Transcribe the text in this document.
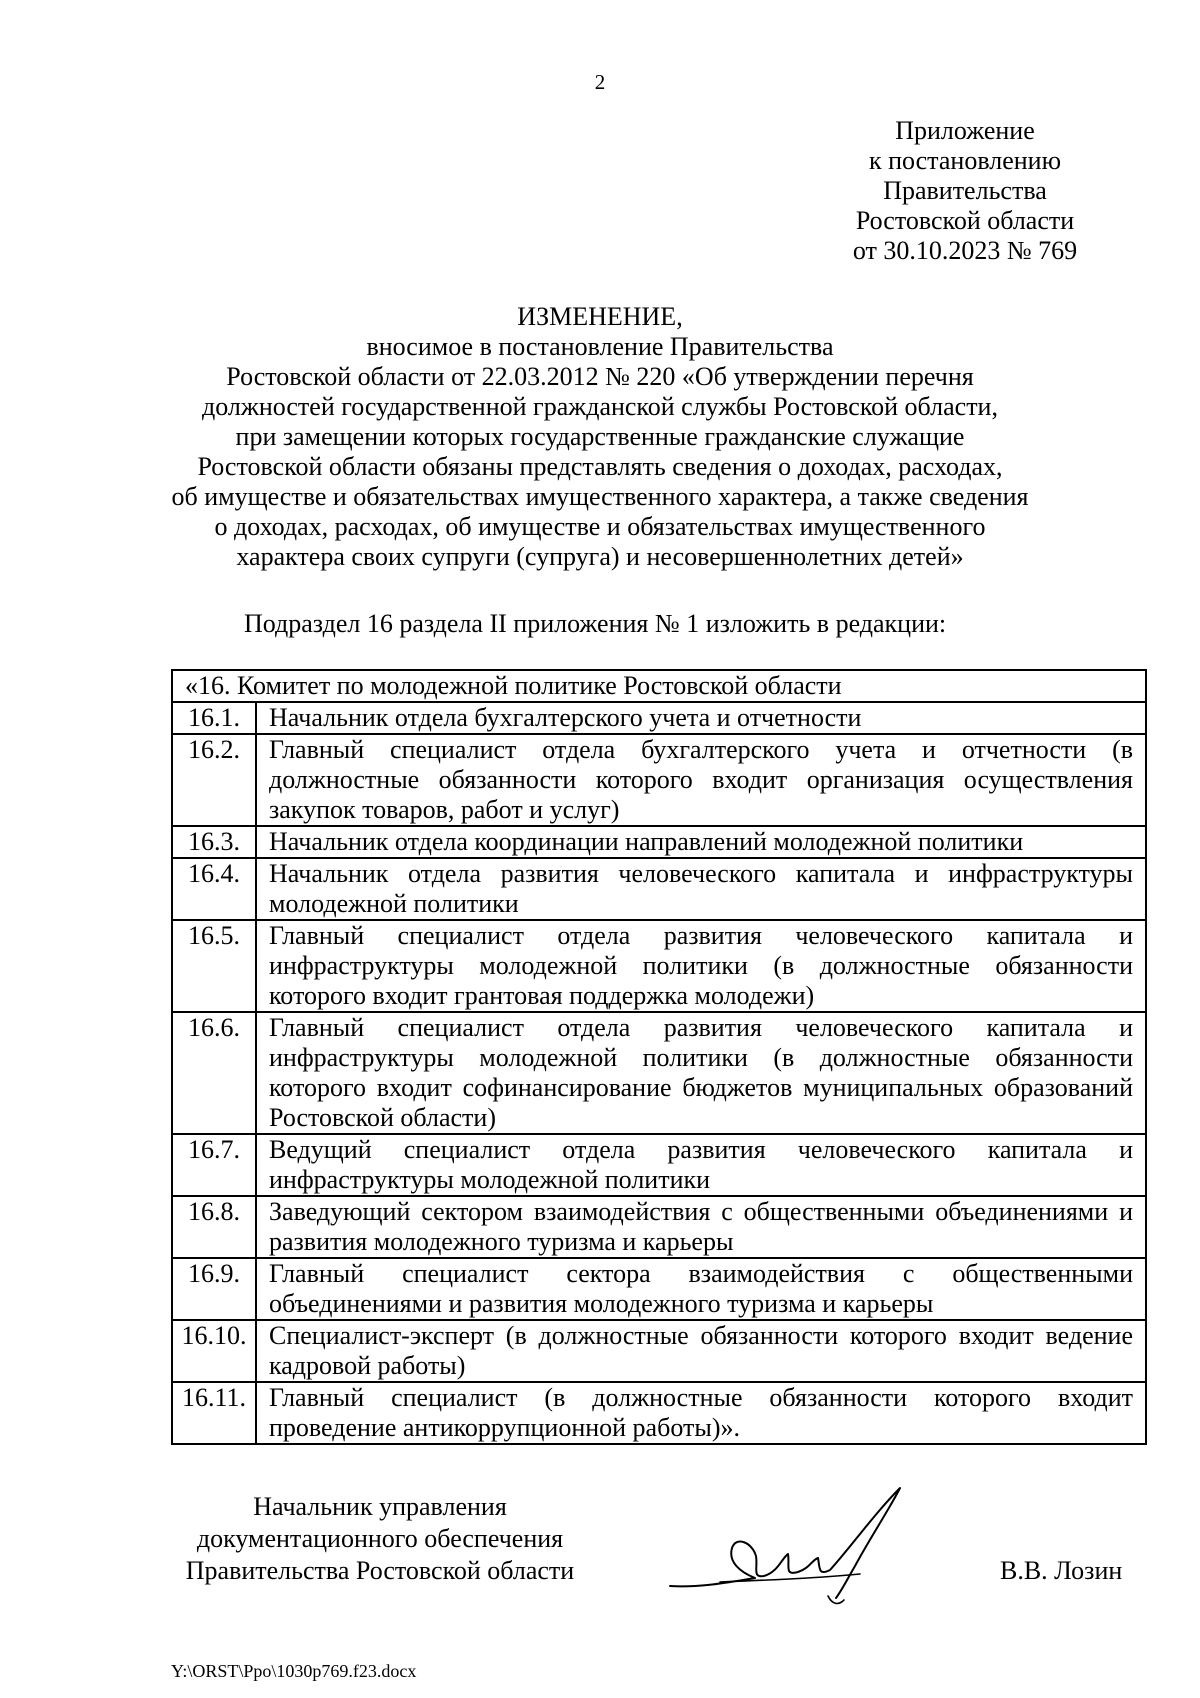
2
Приложение
к постановлению
Правительства
Ростовской области
от 30.10.2023 № 769
ИЗМЕНЕНИЕ,
вносимое в постановление Правительства
Ростовской области от 22.03.2012 № 220 «Об утверждении перечня
должностей государственной гражданской службы Ростовской области,
при замещении которых государственные гражданские служащие
Ростовской области обязаны представлять сведения о доходах, расходах,
об имуществе и обязательствах имущественного характера, а также сведения
о доходах, расходах, об имуществе и обязательствах имущественного
характера своих супруги (супруга) и несовершеннолетних детей»
Подраздел 16 раздела II приложения № 1 изложить в редакции:
«16. Комитет по молодежной политике Ростовской области	
16.1.	Начальник отдела бухгалтерского учета и отчетности
16.2.	Главный специалист отдела бухгалтерского учета и отчетности (в должностные обязанности которого входит организация осуществления закупок товаров, работ и услуг)
16.3.	Начальник отдела координации направлений молодежной политики
16.4.	Начальник отдела развития человеческого капитала и инфраструктуры молодежной политики
16.5.	Главный специалист отдела развития человеческого капитала и инфраструктуры молодежной политики (в должностные обязанности которого входит грантовая поддержка молодежи)
16.6.	Главный специалист отдела развития человеческого капитала и инфраструктуры молодежной политики (в должностные обязанности которого входит софинансирование бюджетов муниципальных образований Ростовской области)
16.7.	Ведущий специалист отдела развития человеческого капитала и инфраструктуры молодежной политики
16.8.	Заведующий сектором взаимодействия с общественными объединениями и развития молодежного туризма и карьеры
16.9.	Главный специалист сектора взаимодействия с общественными объединениями и развития молодежного туризма и карьеры
16.10.	Специалист-эксперт (в должностные обязанности которого входит ведение кадровой работы)
16.11.	Главный специалист (в должностные обязанности которого входит проведение антикоррупционной работы)».
Начальник управления
документационного обеспечения
Правительства Ростовской области	В.В. Лозин
Y:\ORST\Ppo\1030p769.f23.docx
